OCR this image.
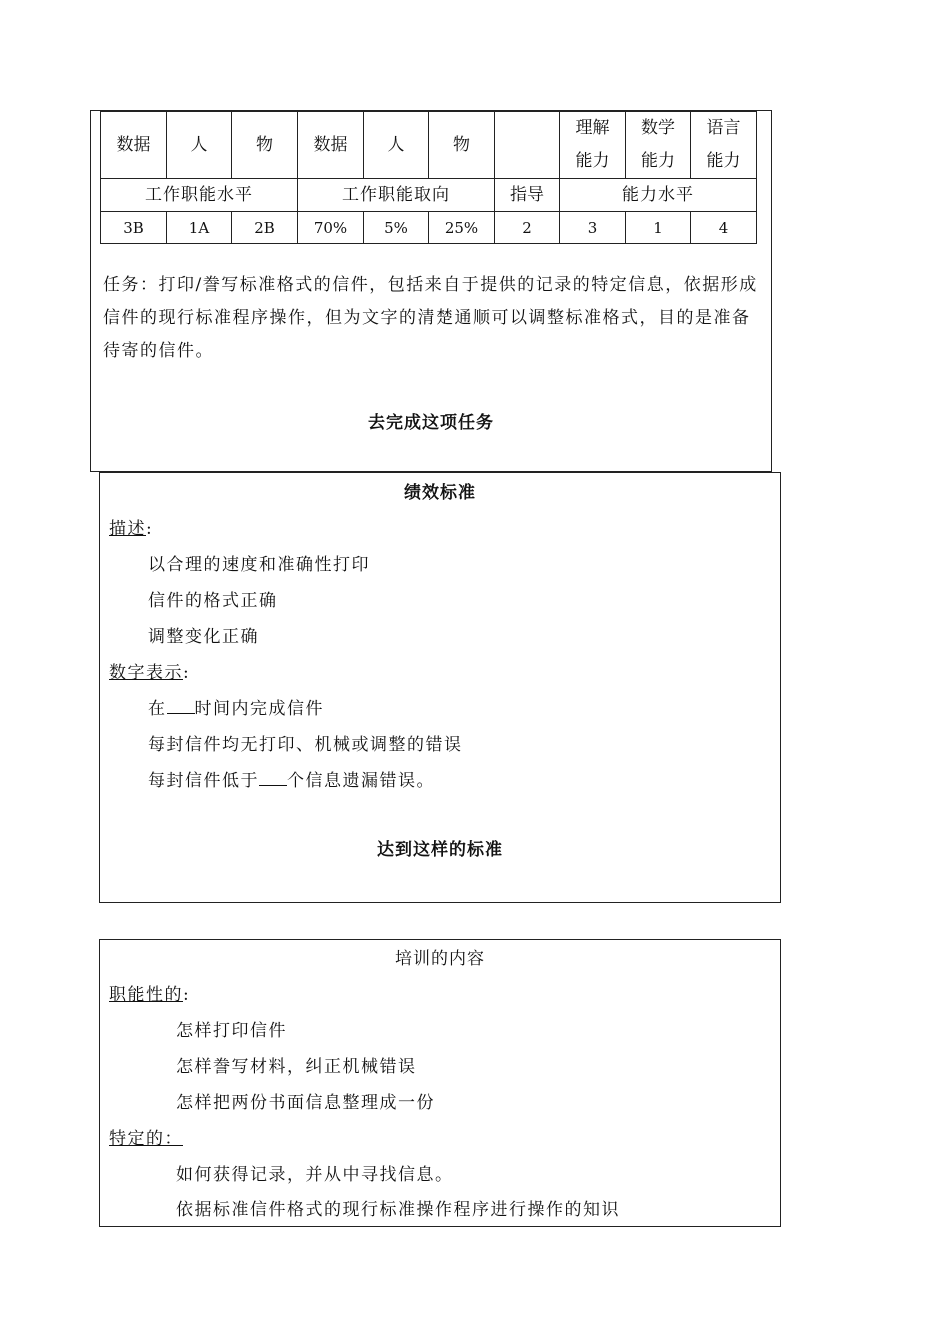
数据	人	物	数据	人	物		理解能力	数学能力	语言能力
工作职能水平			工作职能取向			指导	能力水平		
3B	1A	2B	70%	5%	25%	2	3	1	4
任务：打印/誊写标准格式的信件，包括来自于提供的记录的特定信息，依据形成信件的现行标准程序操作，但为文字的清楚通顺可以调整标准格式，目的是准备待寄的信件。
去完成这项任务
绩效标准
描述:
以合理的速度和准确性打印
信件的格式正确
调整变化正确
数字表示:
在 时间内完成信件
每封信件均无打印、机械或调整的错误
每封信件低于 个信息遗漏错误。
达到这样的标准
培训的内容
职能性的:
怎样打印信件
怎样誊写材料，纠正机械错误
怎样把两份书面信息整理成一份
特定的：
如何获得记录，并从中寻找信息。
依据标准信件格式的现行标准操作程序进行操作的知识
